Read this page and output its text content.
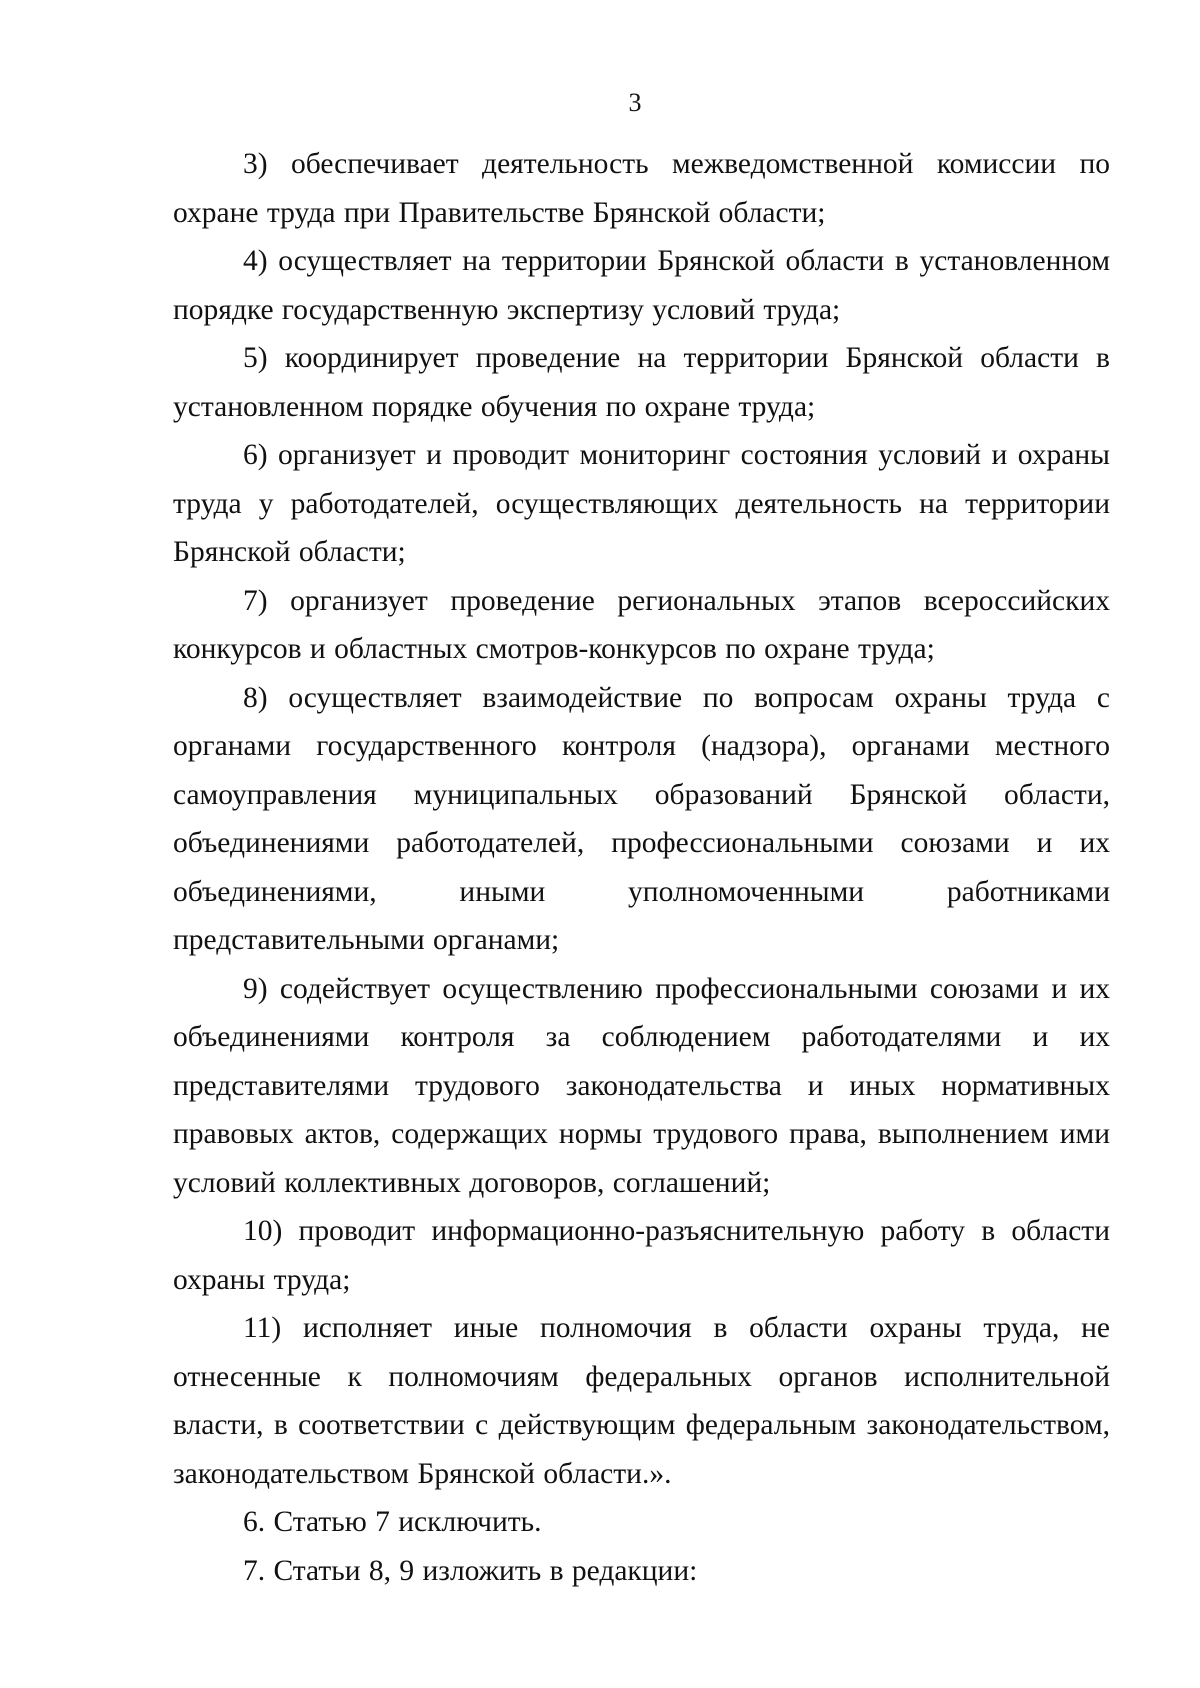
3

3) обеспечивает деятельность межведомственной комиссии по охране труда при Правительстве Брянской области;

4) осуществляет на территории Брянской области в установленном порядке государственную экспертизу условий труда;

5) координирует проведение на территории Брянской области в установленном порядке обучения по охране труда;

6) организует и проводит мониторинг состояния условий и охраны труда у работодателей, осуществляющих деятельность на территории Брянской области;

7) организует проведение региональных этапов всероссийских конкурсов и областных смотров-конкурсов по охране труда;

8) осуществляет взаимодействие по вопросам охраны труда с органами государственного контроля (надзора), органами местного самоуправления муниципальных образований Брянской области, объединениями работодателей, профессиональными союзами и их объединениями, иными уполномоченными работниками представительными органами;

9) содействует осуществлению профессиональными союзами и их объединениями контроля за соблюдением работодателями и их представителями трудового законодательства и иных нормативных правовых актов, содержащих нормы трудового права, выполнением ими условий коллективных договоров, соглашений;

10) проводит информационно-разъяснительную работу в области охраны труда;

11) исполняет иные полномочия в области охраны труда, не отнесенные к полномочиям федеральных органов исполнительной власти, в соответствии с действующим федеральным законодательством, законодательством Брянской области.».

6. Статью 7 исключить.

7. Статьи 8, 9 изложить в редакции:
